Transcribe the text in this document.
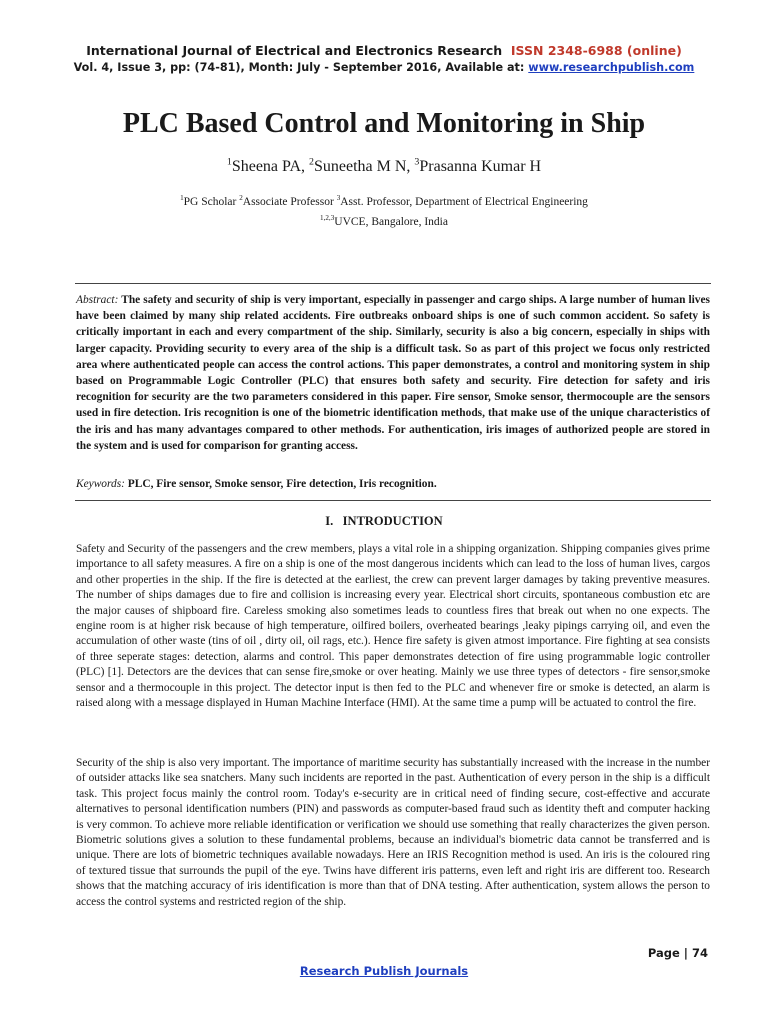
International Journal of Electrical and Electronics Research ISSN 2348-6988 (online)
Vol. 4, Issue 3, pp: (74-81), Month: July - September 2016, Available at: www.researchpublish.com
PLC Based Control and Monitoring in Ship
$^1$Sheena PA, $^2$Suneetha M N, $^3$Prasanna Kumar H
$^1$PG Scholar $^2$Associate Professor $^3$Asst. Professor, Department of Electrical Engineering
$^{1,2,3}$UVCE, Bangalore, India

Abstract: The safety and security of ship is very important, especially in passenger and cargo ships. A large number of human lives have been claimed by many ship related accidents. Fire outbreaks onboard ships is one of such common accident. So safety is critically important in each and every compartment of the ship. Similarly, security is also a big concern, especially in ships with larger capacity. Providing security to every area of the ship is a difficult task. So as part of this project we focus only restricted area where authenticated people can access the control actions. This paper demonstrates, a control and monitoring system in ship based on Programmable Logic Controller (PLC) that ensures both safety and security. Fire detection for safety and iris recognition for security are the two parameters considered in this paper. Fire sensor, Smoke sensor, thermocouple are the sensors used in fire detection. Iris recognition is one of the biometric identification methods, that make use of the unique characteristics of the iris and has many advantages compared to other methods. For authentication, iris images of authorized people are stored in the system and is used for comparison for granting access.

Keywords: PLC, Fire sensor, Smoke sensor, Fire detection, Iris recognition.

I. INTRODUCTION

Safety and Security of the passengers and the crew members, plays a vital role in a shipping organization. Shipping companies gives prime importance to all safety measures. A fire on a ship is one of the most dangerous incidents which can lead to the loss of human lives, cargos and other properties in the ship. If the fire is detected at the earliest, the crew can prevent larger damages by taking preventive measures. The number of ships damages due to fire and collision is increasing every year. Electrical short circuits, spontaneous combustion etc are the major causes of shipboard fire. Careless smoking also sometimes leads to countless fires that break out when no one expects. The engine room is at higher risk because of high temperature, oilfired boilers, overheated bearings ,leaky pipings carrying oil, and even the accumulation of other waste (tins of oil , dirty oil, oil rags, etc.). Hence fire safety is given atmost importance. Fire fighting at sea consists of three seperate stages: detection, alarms and control. This paper demonstrates detection of fire using programmable logic controller (PLC) [1]. Detectors are the devices that can sense fire,smoke or over heating. Mainly we use three types of detectors - fire sensor,smoke sensor and a thermocouple in this project. The detector input is then fed to the PLC and whenever fire or smoke is detected, an alarm is raised along with a message displayed in Human Machine Interface (HMI). At the same time a pump will be actuated to control the fire.

Security of the ship is also very important. The importance of maritime security has substantially increased with the increase in the number of outsider attacks like sea snatchers. Many such incidents are reported in the past. Authentication of every person in the ship is a difficult task. This project focus mainly the control room. Today's e-security are in critical need of finding secure, cost-effective and accurate alternatives to personal identification numbers (PIN) and passwords as computer-based fraud such as identity theft and computer hacking is very common. To achieve more reliable identification or verification we should use something that really characterizes the given person. Biometric solutions gives a solution to these fundamental problems, because an individual's biometric data cannot be transferred and is unique. There are lots of biometric techniques available nowadays. Here an IRIS Recognition method is used. An iris is the coloured ring of textured tissue that surrounds the pupil of the eye. Twins have different iris patterns, even left and right iris are different too. Research shows that the matching accuracy of iris identification is more than that of DNA testing. After authentication, system allows the person to access the control systems and restricted region of the ship.

Page | 74
Research Publish Journals
